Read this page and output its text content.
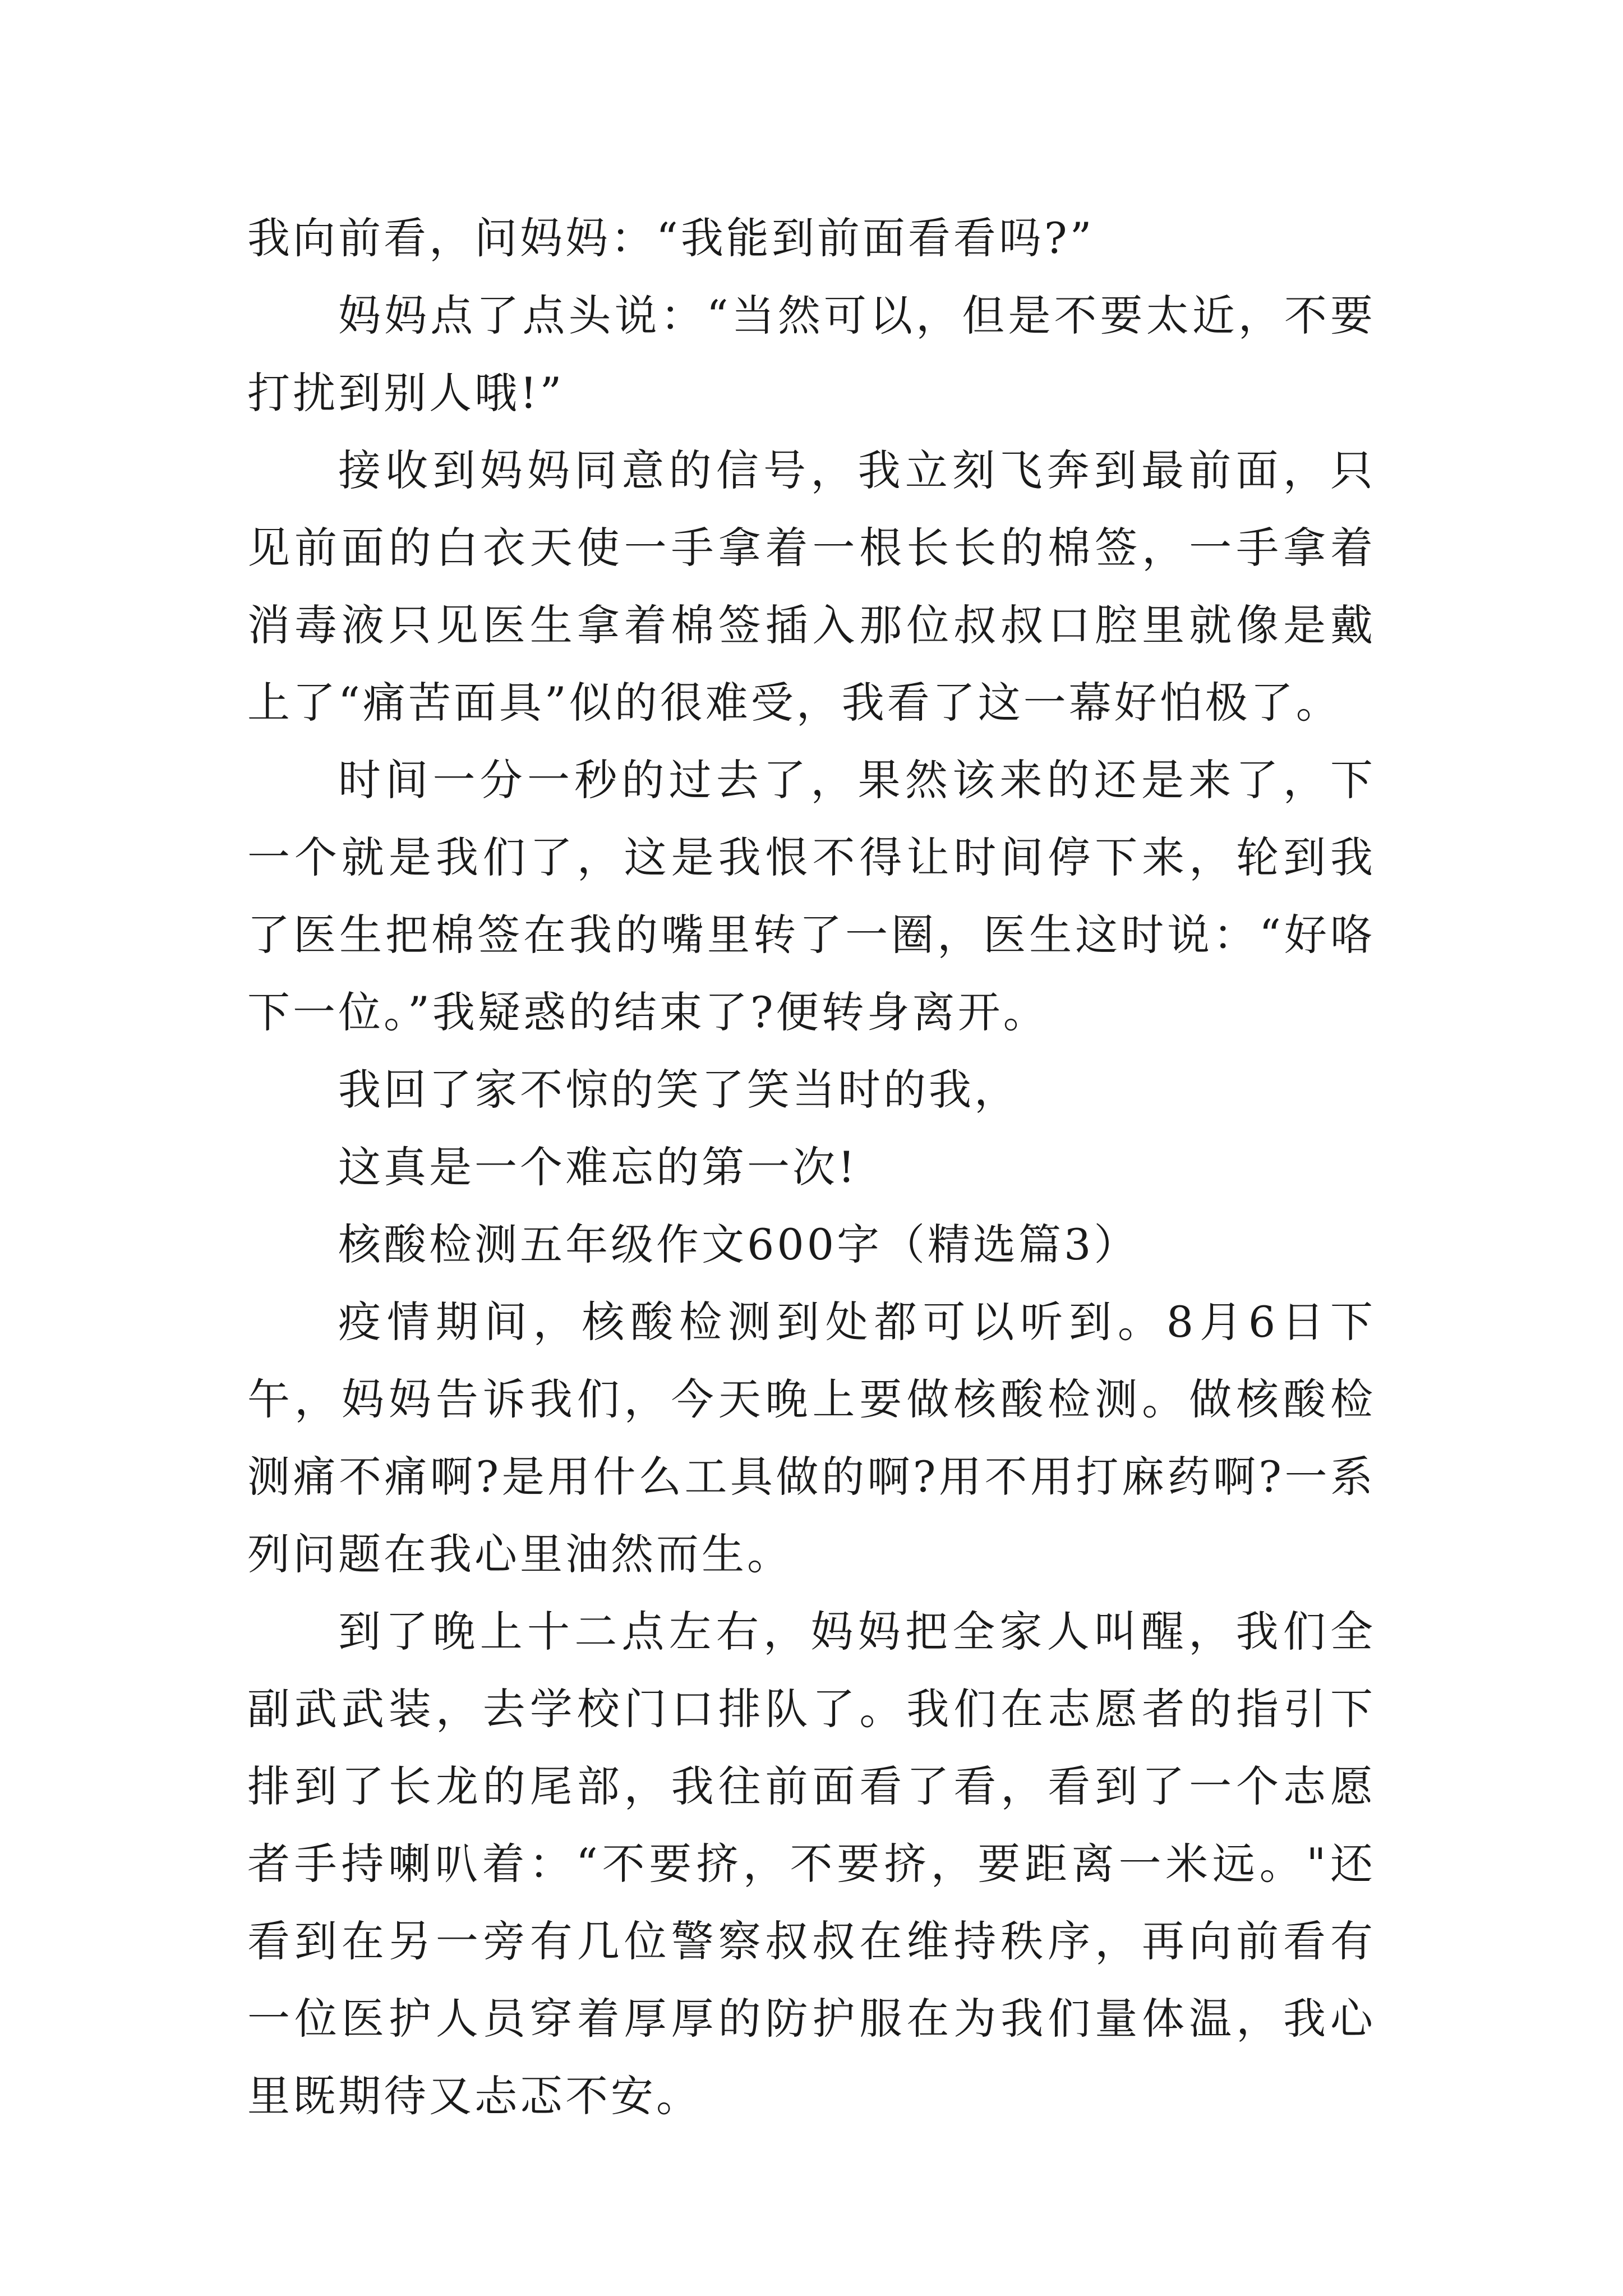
我向前看，问妈妈：“我能到前面看看吗?”

妈妈点了点头说：“当然可以，但是不要太近，不要打扰到别人哦!”

接收到妈妈同意的信号，我立刻飞奔到最前面，只见前面的白衣天使一手拿着一根长长的棉签，一手拿着消毒液只见医生拿着棉签插入那位叔叔口腔里就像是戴上了“痛苦面具”似的很难受，我看了这一幕好怕极了。

时间一分一秒的过去了，果然该来的还是来了，下一个就是我们了，这是我恨不得让时间停下来，轮到我了医生把棉签在我的嘴里转了一圈，医生这时说：“好咯下一位。”我疑惑的结束了?便转身离开。

我回了家不惊的笑了笑当时的我，

这真是一个难忘的第一次!

核酸检测五年级作文600字（精选篇3）

疫情期间，核酸检测到处都可以听到。8月6日下午，妈妈告诉我们，今天晚上要做核酸检测。做核酸检测痛不痛啊?是用什么工具做的啊?用不用打麻药啊?一系列问题在我心里油然而生。

到了晚上十二点左右，妈妈把全家人叫醒，我们全副武武装，去学校门口排队了。我们在志愿者的指引下排到了长龙的尾部，我往前面看了看，看到了一个志愿者手持喇叭着：“不要挤，不要挤，要距离一米远。"还看到在另一旁有几位警察叔叔在维持秩序，再向前看有一位医护人员穿着厚厚的防护服在为我们量体温，我心里既期待又忐忑不安。
